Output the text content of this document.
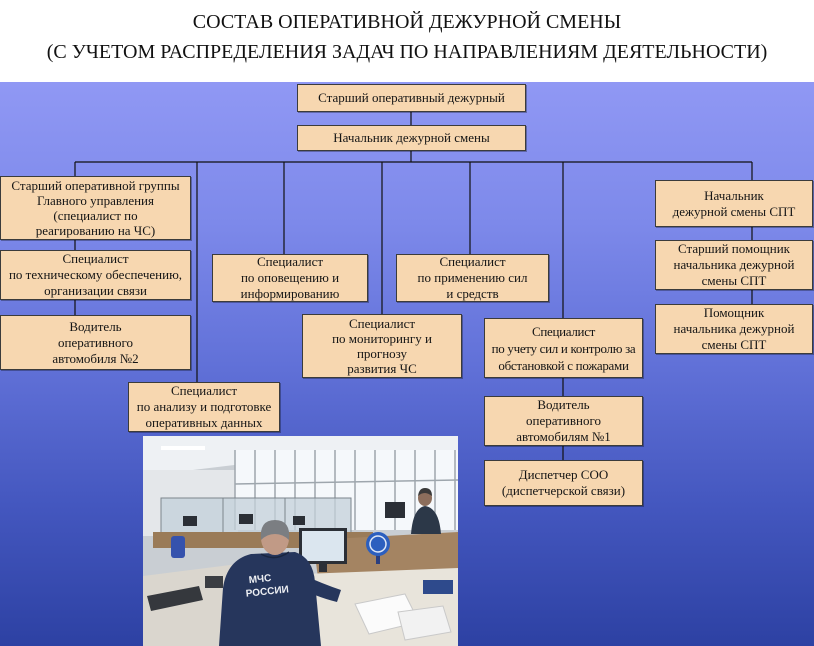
СОСТАВ ОПЕРАТИВНОЙ ДЕЖУРНОЙ СМЕНЫ
(С УЧЕТОМ РАСПРЕДЕЛЕНИЯ ЗАДАЧ ПО НАПРАВЛЕНИЯМ ДЕЯТЕЛЬНОСТИ)
Старший оперативный дежурный
Начальник дежурной смены
Старший оперативной группы
Главного управления
(специалист по
реагированию на ЧС)
Начальник
дежурной смены СПТ
Специалист
по техническому обеспечению,
организации связи
Специалист
по оповещению и
информированию
Специалист
по применению сил
и средств
Старший помощник
начальника дежурной
смены СПТ
Водитель
оперативного
автомобиля №2
Специалист
по мониторингу и
прогнозу
развития ЧС
Специалист
по учету сил и контролю за
обстановкой с пожарами
Помощник
начальника дежурной
смены СПТ
Специалист
по анализу и подготовке
оперативных данных
Водитель
оперативного
автомобилям №1
Диспетчер СОО
(диспетчерской связи)
МЧС
РОССИИ
